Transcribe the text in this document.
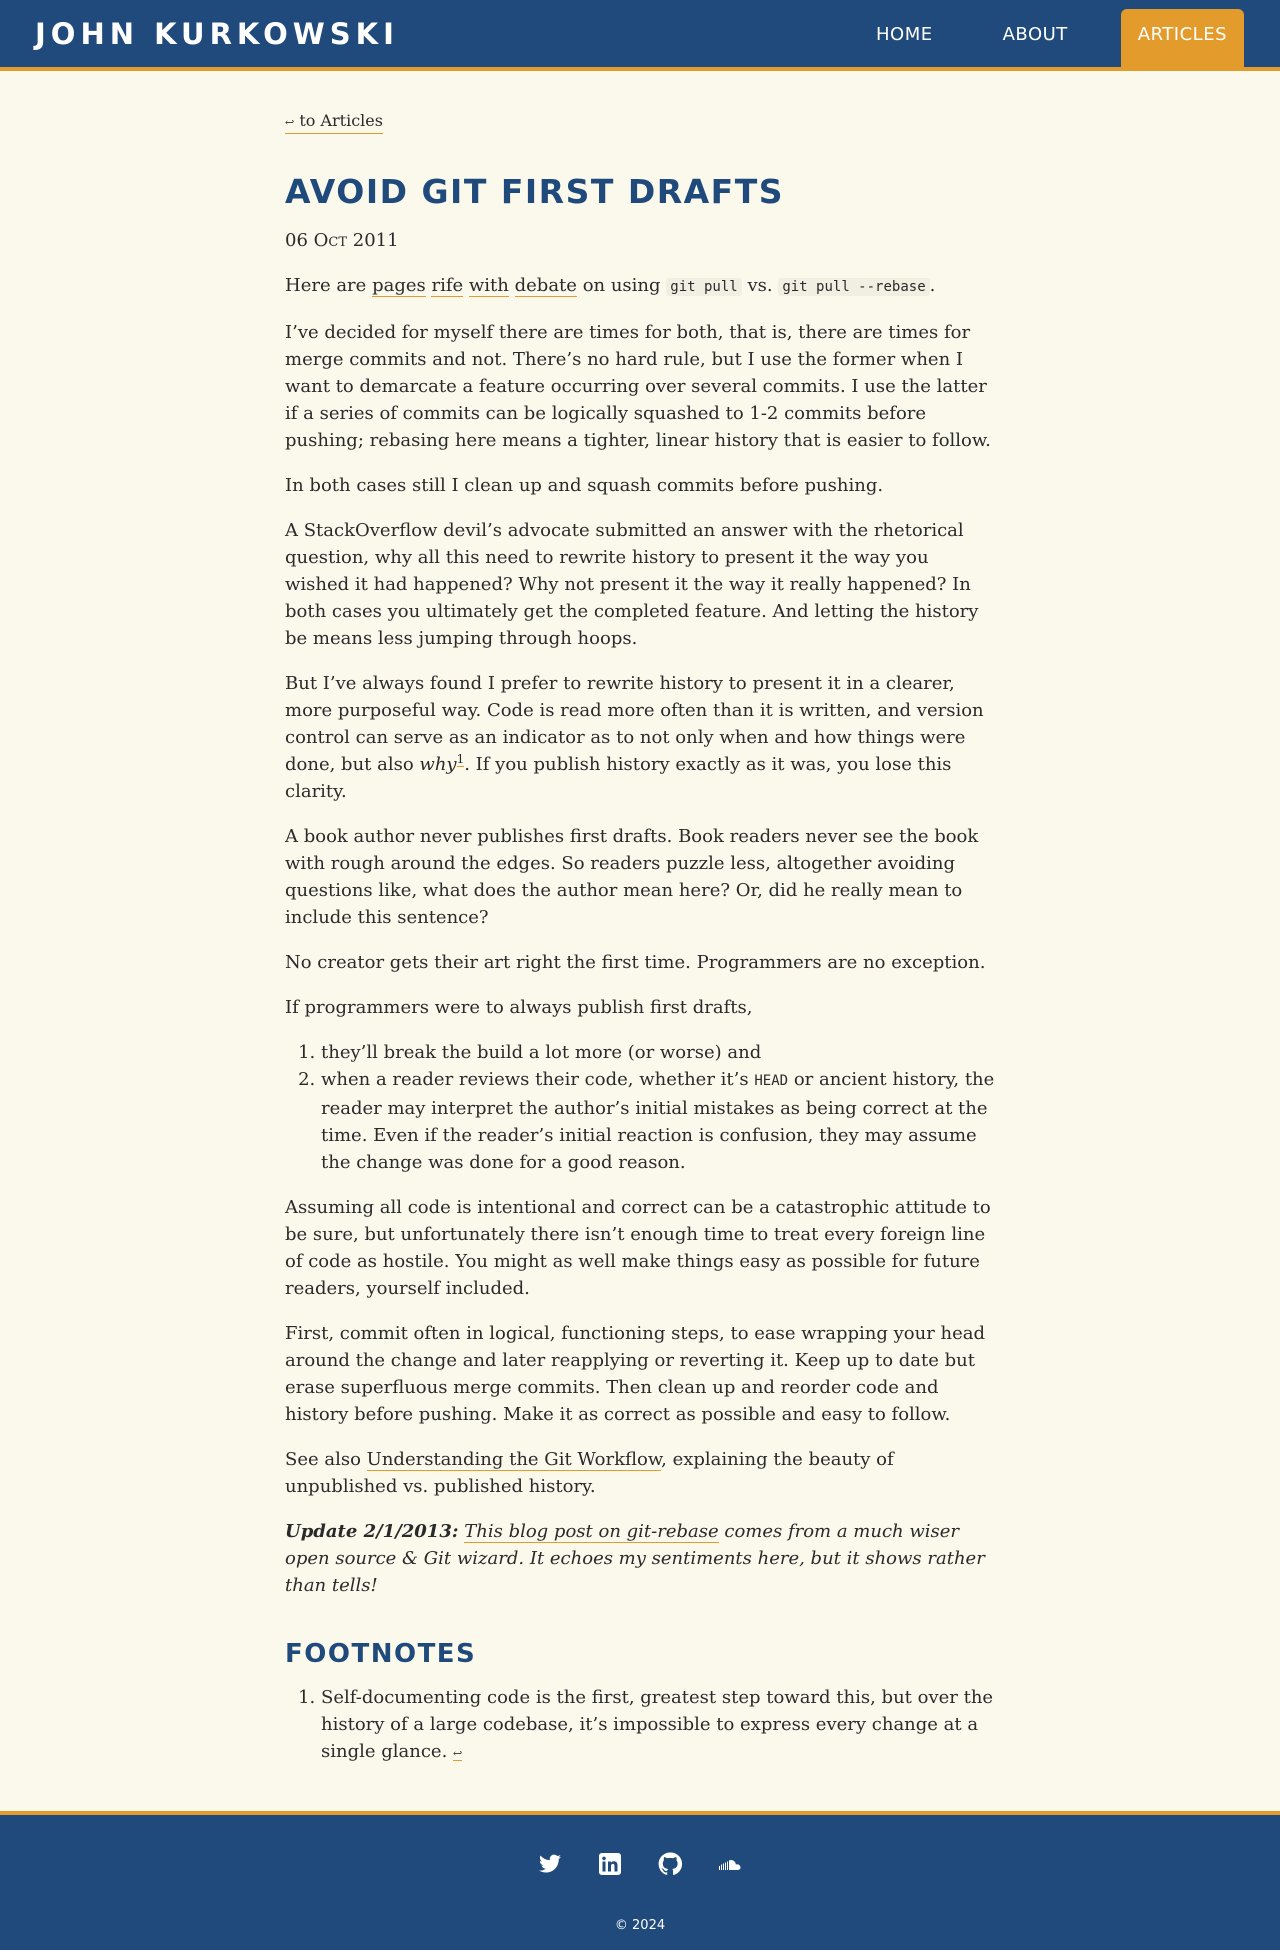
JOHN KURKOWSKI	HOME	ABOUT	ARTICLES
↩ to Articles
AVOID GIT FIRST DRAFTS
06 Oct 2011

Here are pages rife with debate on using git pull vs. git pull --rebase .

I’ve decided for myself there are times for both, that is, there are times for merge commits and not. There’s no hard rule, but I use the former when I want to demarcate a feature occurring over several commits. I use the latter if a series of commits can be logically squashed to 1-2 commits before pushing; rebasing here means a tighter, linear history that is easier to follow.

In both cases still I clean up and squash commits before pushing.

A StackOverflow devil’s advocate submitted an answer with the rhetorical question, why all this need to rewrite history to present it the way you wished it had happened? Why not present it the way it really happened? In both cases you ultimately get the completed feature. And letting the history be means less jumping through hoops.

But I’ve always found I prefer to rewrite history to present it in a clearer, more purposeful way. Code is read more often than it is written, and version control can serve as an indicator as to not only when and how things were done, but also why$^1$. If you publish history exactly as it was, you lose this clarity.

A book author never publishes first drafts. Book readers never see the book with rough around the edges. So readers puzzle less, altogether avoiding questions like, what does the author mean here? Or, did he really mean to include this sentence?

No creator gets their art right the first time. Programmers are no exception.

If programmers were to always publish first drafts,

1. they’ll break the build a lot more (or worse) and
2. when a reader reviews their code, whether it’s HEAD or ancient history, the reader may interpret the author’s initial mistakes as being correct at the time. Even if the reader’s initial reaction is confusion, they may assume the change was done for a good reason.

Assuming all code is intentional and correct can be a catastrophic attitude to be sure, but unfortunately there isn’t enough time to treat every foreign line of code as hostile. You might as well make things easy as possible for future readers, yourself included.

First, commit often in logical, functioning steps, to ease wrapping your head around the change and later reapplying or reverting it. Keep up to date but erase superfluous merge commits. Then clean up and reorder code and history before pushing. Make it as correct as possible and easy to follow.

See also Understanding the Git Workflow, explaining the beauty of unpublished vs. published history.

Update 2/1/2013: This blog post on git-rebase comes from a much wiser open source & Git wizard. It echoes my sentiments here, but it shows rather than tells!

FOOTNOTES
1. Self-documenting code is the first, greatest step toward this, but over the history of a large codebase, it’s impossible to express every change at a single glance. ↩
© 2024
